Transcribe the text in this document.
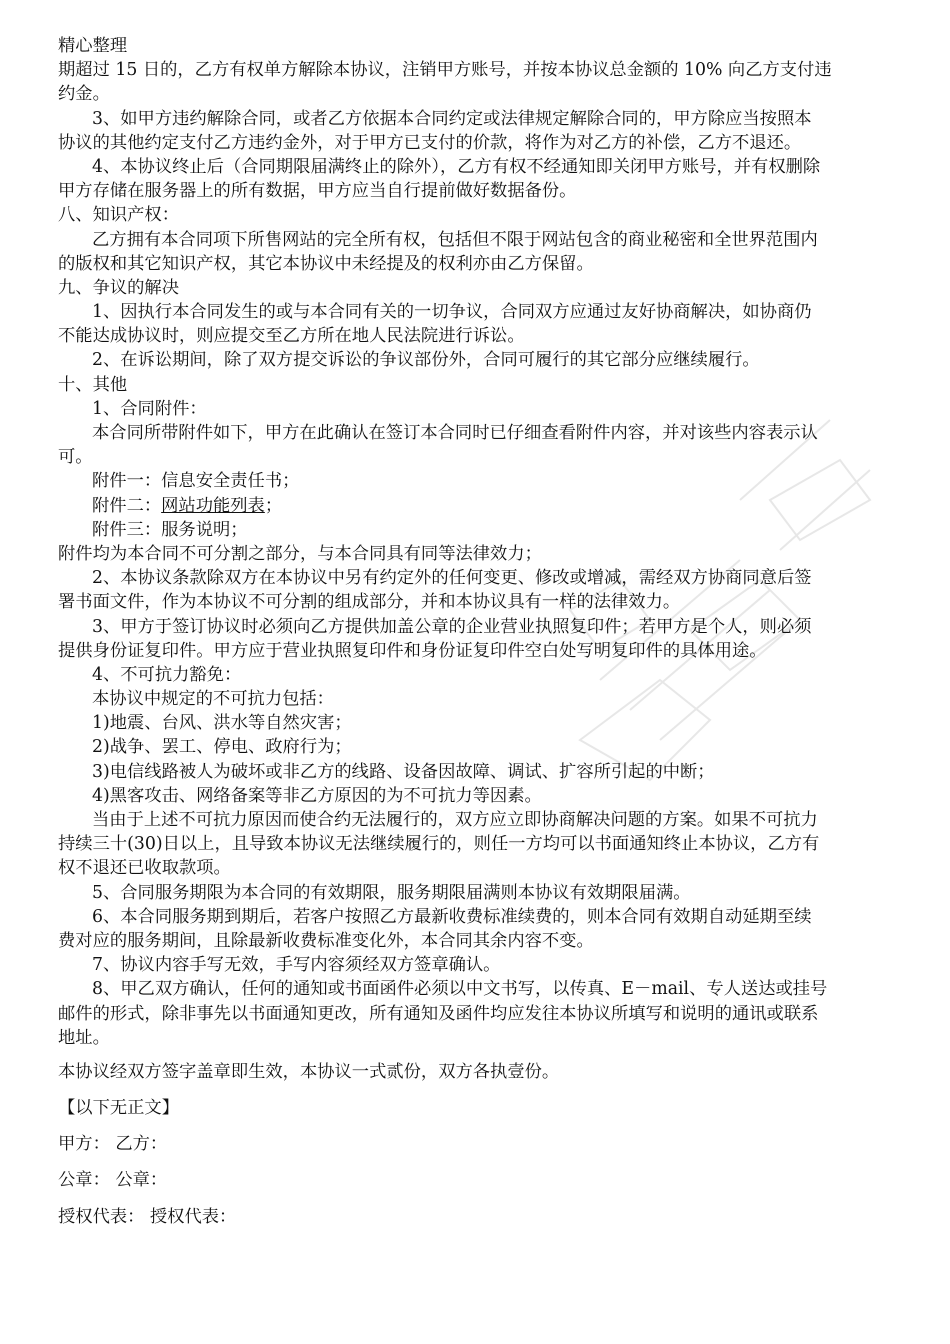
精心整理
期超过 15 日的，乙方有权单方解除本协议，注销甲方账号，并按本协议总金额的 10% 向乙方支付违
约金。
3、如甲方违约解除合同，或者乙方依据本合同约定或法律规定解除合同的，甲方除应当按照本
协议的其他约定支付乙方违约金外，对于甲方已支付的价款，将作为对乙方的补偿，乙方不退还。
4、本协议终止后（合同期限届满终止的除外），乙方有权不经通知即关闭甲方账号，并有权删除
甲方存储在服务器上的所有数据，甲方应当自行提前做好数据备份。
八、知识产权：
乙方拥有本合同项下所售网站的完全所有权，包括但不限于网站包含的商业秘密和全世界范围内
的版权和其它知识产权，其它本协议中未经提及的权利亦由乙方保留。
九、争议的解决
1、因执行本合同发生的或与本合同有关的一切争议，合同双方应通过友好协商解决，如协商仍
不能达成协议时，则应提交至乙方所在地人民法院进行诉讼。
2、在诉讼期间，除了双方提交诉讼的争议部份外，合同可履行的其它部分应继续履行。
十、其他
1、合同附件：
本合同所带附件如下，甲方在此确认在签订本合同时已仔细查看附件内容，并对该些内容表示认
可。
附件一：信息安全责任书；
附件二：网站功能列表；
附件三：服务说明；
附件均为本合同不可分割之部分，与本合同具有同等法律效力；
2、本协议条款除双方在本协议中另有约定外的任何变更、修改或增减，需经双方协商同意后签
署书面文件，作为本协议不可分割的组成部分，并和本协议具有一样的法律效力。
3、甲方于签订协议时必须向乙方提供加盖公章的企业营业执照复印件；若甲方是个人，则必须
提供身份证复印件。甲方应于营业执照复印件和身份证复印件空白处写明复印件的具体用途。
4、不可抗力豁免：
本协议中规定的不可抗力包括：
1)地震、台风、洪水等自然灾害；
2)战争、罢工、停电、政府行为；
3)电信线路被人为破坏或非乙方的线路、设备因故障、调试、扩容所引起的中断；
4)黑客攻击、网络备案等非乙方原因的为不可抗力等因素。
当由于上述不可抗力原因而使合约无法履行的，双方应立即协商解决问题的方案。如果不可抗力
持续三十(30)日以上，且导致本协议无法继续履行的，则任一方均可以书面通知终止本协议，乙方有
权不退还已收取款项。
5、合同服务期限为本合同的有效期限，服务期限届满则本协议有效期限届满。
6、本合同服务期到期后，若客户按照乙方最新收费标准续费的，则本合同有效期自动延期至续
费对应的服务期间，且除最新收费标准变化外，本合同其余内容不变。
7、协议内容手写无效，手写内容须经双方签章确认。
8、甲乙双方确认，任何的通知或书面函件必须以中文书写，以传真、E－mail、专人送达或挂号
邮件的形式，除非事先以书面通知更改，所有通知及函件均应发往本协议所填写和说明的通讯或联系
地址。
本协议经双方签字盖章即生效，本协议一式贰份，双方各执壹份。
【以下无正文】
甲方： 乙方：
公章： 公章：
授权代表： 授权代表：
